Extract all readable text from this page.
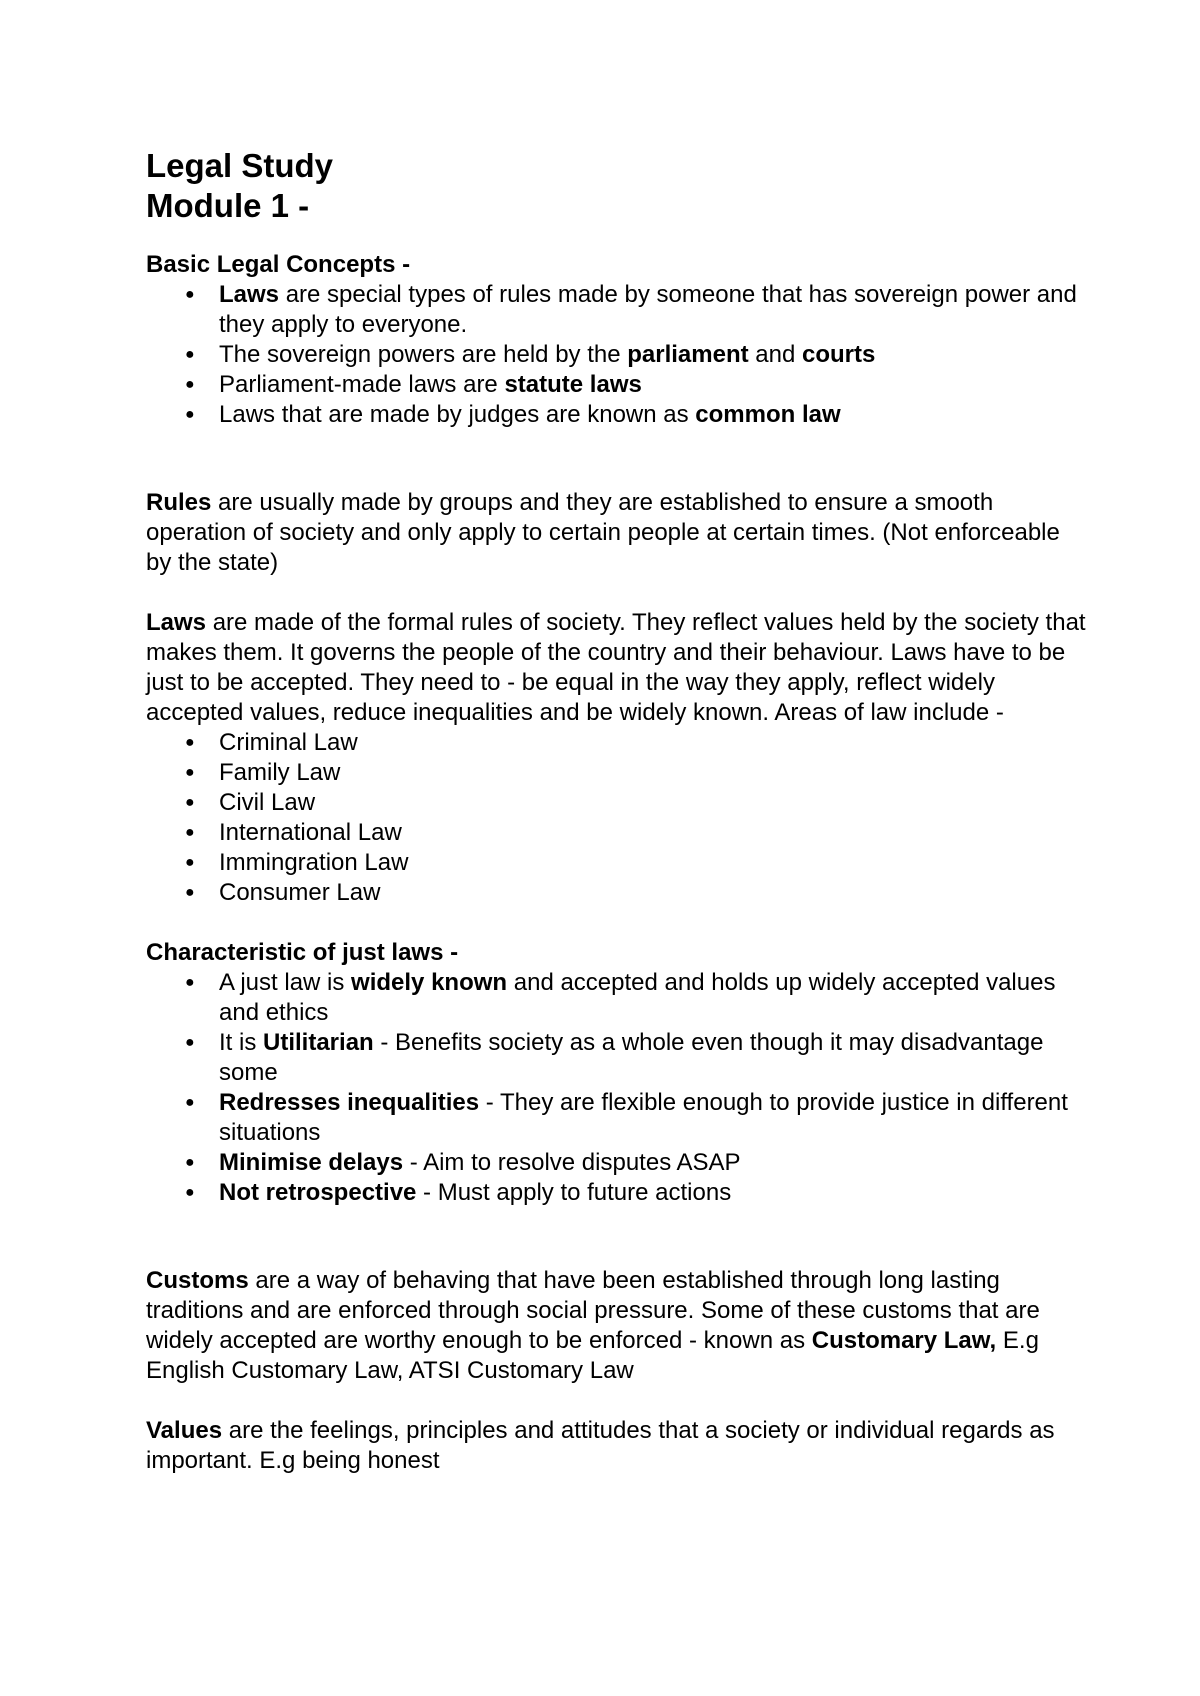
Legal Study
Module 1 -
Basic Legal Concepts -
● Laws are special types of rules made by someone that has sovereign power and they apply to everyone.
● The sovereign powers are held by the parliament and courts
● Parliament-made laws are statute laws
● Laws that are made by judges are known as common law

Rules are usually made by groups and they are established to ensure a smooth operation of society and only apply to certain people at certain times. (Not enforceable by the state)

Laws are made of the formal rules of society. They reflect values held by the society that makes them. It governs the people of the country and their behaviour. Laws have to be just to be accepted. They need to - be equal in the way they apply, reflect widely accepted values, reduce inequalities and be widely known. Areas of law include -

● Criminal Law
● Family Law
● Civil Law
● International Law
● Immingration Law
● Consumer Law
Characteristic of just laws -
● A just law is widely known and accepted and holds up widely accepted values and ethics
● It is Utilitarian - Benefits society as a whole even though it may disadvantage some
● Redresses inequalities - They are flexible enough to provide justice in different situations
● Minimise delays - Aim to resolve disputes ASAP
● Not retrospective - Must apply to future actions

Customs are a way of behaving that have been established through long lasting traditions and are enforced through social pressure. Some of these customs that are widely accepted are worthy enough to be enforced - known as Customary Law, E.g English Customary Law, ATSI Customary Law

Values are the feelings, principles and attitudes that a society or individual regards as important. E.g being honest
